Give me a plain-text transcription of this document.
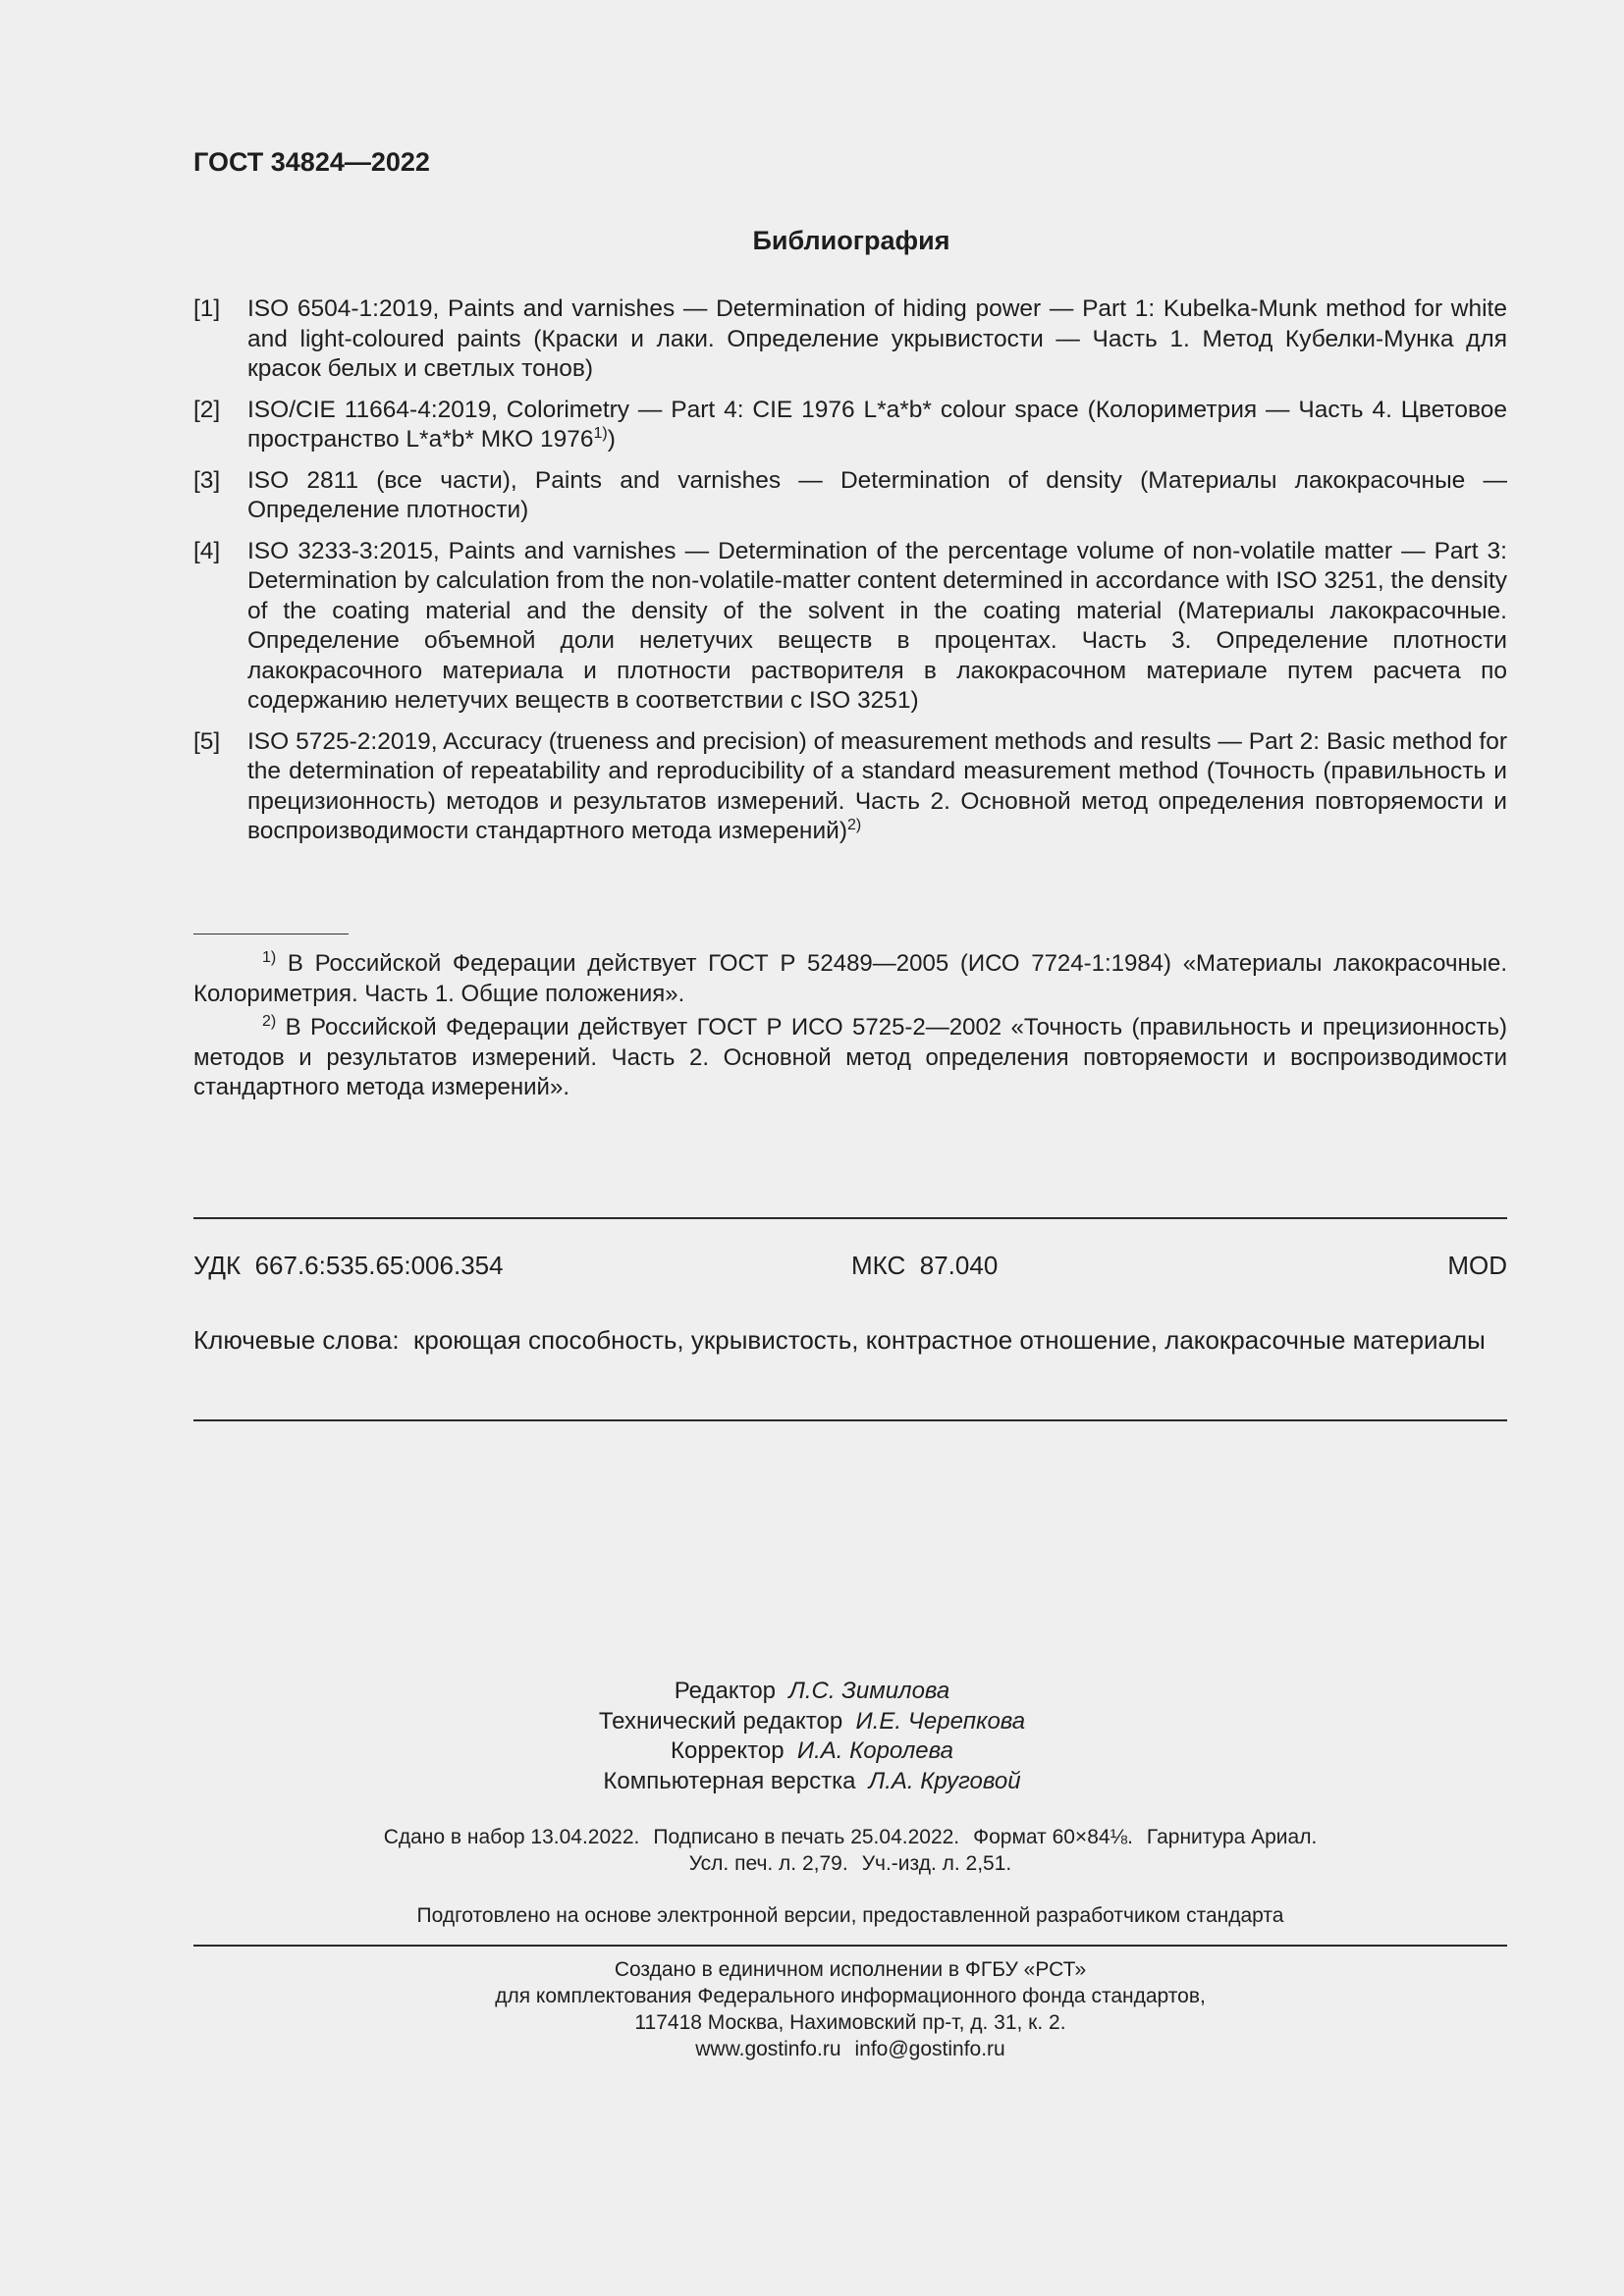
ГОСТ 34824—2022
Библиография
[1]	ISO 6504-1:2019, Paints and varnishes — Determination of hiding power — Part 1: Kubelka-Munk method for white and light-coloured paints (Краски и лаки. Определение укрывистости — Часть 1. Метод Кубелки-Мунка для красок белых и светлых тонов)
[2]	ISO/CIE 11664-4:2019, Colorimetry — Part 4: CIE 1976 L*a*b* colour space (Колориметрия — Часть 4. Цветовое пространство L*a*b* МКО 1976$^{1)}$)
[3]	ISO 2811 (все части), Paints and varnishes — Determination of density (Материалы лакокрасочные — Определение плотности)
[4]	ISO 3233-3:2015, Paints and varnishes — Determination of the percentage volume of non-volatile matter — Part 3: Determination by calculation from the non-volatile-matter content determined in accordance with ISO 3251, the density of the coating material and the density of the solvent in the coating material (Материалы лакокрасочные. Определение объемной доли нелетучих веществ в процентах. Часть 3. Определение плотности лакокрасочного материала и плотности растворителя в лакокрасочном материале путем расчета по содержанию нелетучих веществ в соответствии с ISO 3251)
[5]	ISO 5725-2:2019, Accuracy (trueness and precision) of measurement methods and results — Part 2: Basic method for the determination of repeatability and reproducibility of a standard measurement method (Точность (правильность и прецизионность) методов и результатов измерений. Часть 2. Основной метод определения повторяемости и воспроизводимости стандартного метода измерений)$^{2)}$
$^{1)}$ В Российской Федерации действует ГОСТ Р 52489—2005 (ИСО 7724-1:1984) «Материалы лакокрасочные. Колориметрия. Часть 1. Общие положения».
$^{2)}$ В Российской Федерации действует ГОСТ Р ИСО 5725-2—2002 «Точность (правильность и прецизионность) методов и результатов измерений. Часть 2. Основной метод определения повторяемости и воспроизводимости стандартного метода измерений».
УДК 667.6:535.65:006.354	МКС 87.040	MOD
Ключевые слова: кроющая способность, укрывистость, контрастное отношение, лакокрасочные материалы
Редактор Л.С. Зимилова
Технический редактор И.Е. Черепкова
Корректор И.А. Королева
Компьютерная верстка Л.А. Круговой
Сдано в набор 13.04.2022. Подписано в печать 25.04.2022. Формат 60×84⅛. Гарнитура Ариал.
Усл. печ. л. 2,79. Уч.-изд. л. 2,51.
Подготовлено на основе электронной версии, предоставленной разработчиком стандарта
Создано в единичном исполнении в ФГБУ «РСТ»
для комплектования Федерального информационного фонда стандартов,
117418 Москва, Нахимовский пр-т, д. 31, к. 2.
www.gostinfo.ru info@gostinfo.ru
